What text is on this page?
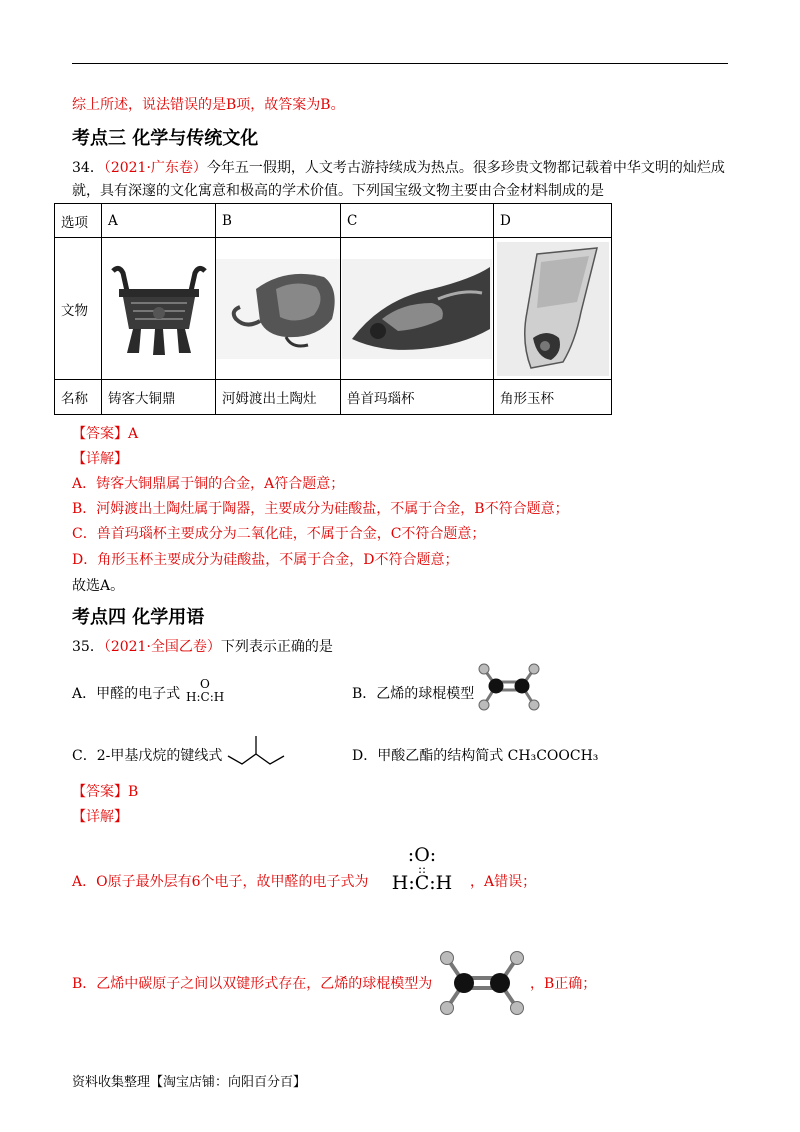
综上所述，说法错误的是B项，故答案为B。
考点三 化学与传统文化
34．（2021·广东卷）今年五一假期，人文考古游持续成为热点。很多珍贵文物都记载着中华文明的灿烂成
就，具有深邃的文化寓意和极高的学术价值。下列国宝级文物主要由合金材料制成的是
选项	A	B	C	D
文物	

名称	铸客大铜鼎	河姆渡出土陶灶	兽首玛瑙杯	角形玉杯
【答案】A
【详解】
A．铸客大铜鼎属于铜的合金，A符合题意；
B．河姆渡出土陶灶属于陶器，主要成分为硅酸盐，不属于合金，B不符合题意；
C．兽首玛瑙杯主要成分为二氧化硅，不属于合金，C不符合题意；
D．角形玉杯主要成分为硅酸盐，不属于合金，D不符合题意；
故选A。
考点四 化学用语
35．（2021·全国乙卷）下列表示正确的是
A．甲醛的电子式
O
H:C:H	B．乙烯的球棍模型
C．2-甲基戊烷的键线式	D．甲酸乙酯的结构简式 CH₃COOCH₃
【答案】B
【详解】
A．O原子最外层有6个电子，故甲醛的电子式为
:O:
::
H:C:H	，A错误；
B．乙烯中碳原子之间以双键形式存在，乙烯的球棍模型为	，B正确；
资料收集整理【淘宝店铺：向阳百分百】
